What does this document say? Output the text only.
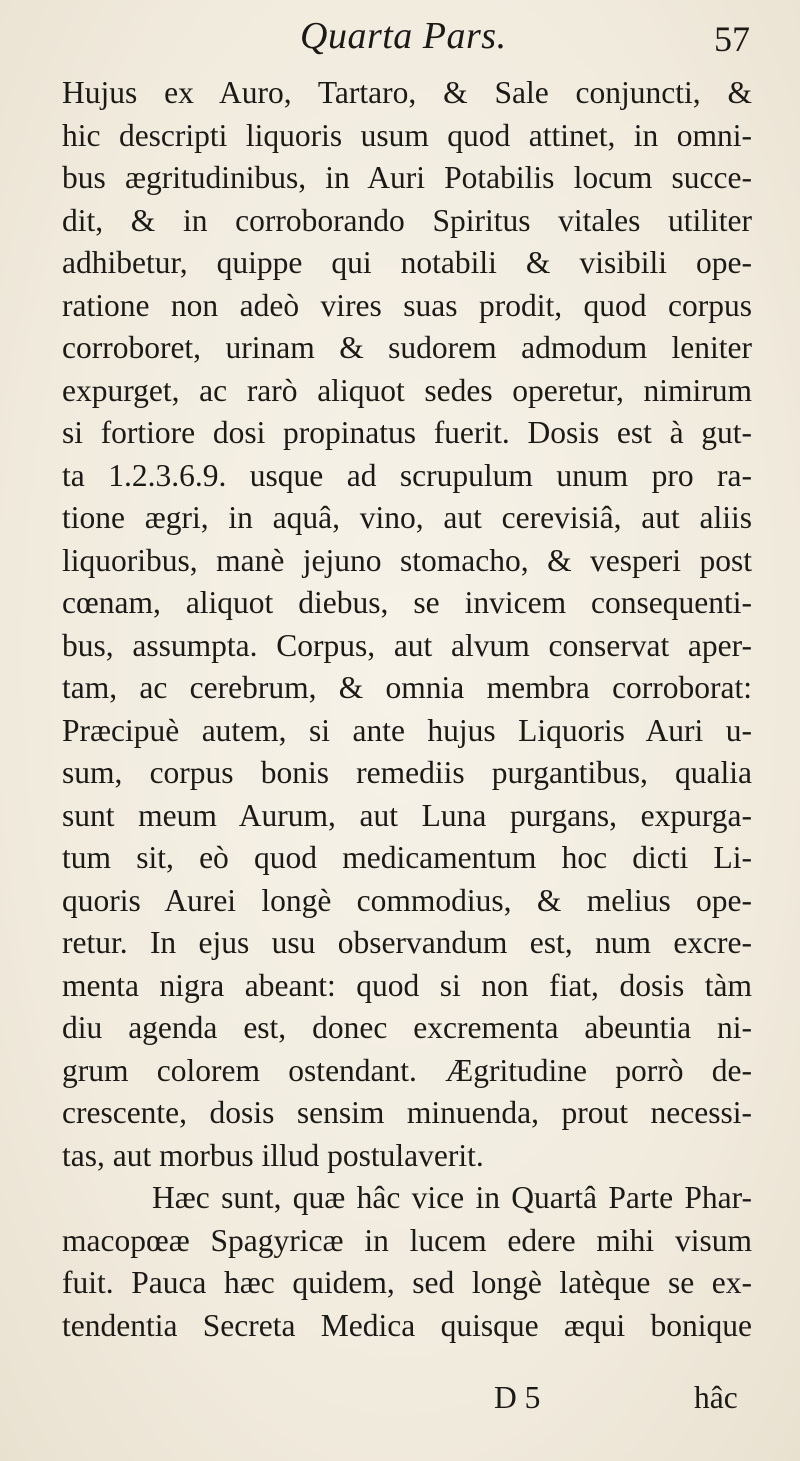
Quarta Pars.	57
Hujus ex Auro, Tartaro, & Sale conjuncti, &
hic descripti liquoris usum quod attinet, in omni-
bus ægritudinibus, in Auri Potabilis locum succe-
dit, & in corroborando Spiritus vitales utiliter
adhibetur, quippe qui notabili & visibili ope-
ratione non adeò vires suas prodit, quod corpus
corroboret, urinam & sudorem admodum leniter
expurget, ac rarò aliquot sedes operetur, nimirum
si fortiore dosi propinatus fuerit. Dosis est à gut-
ta 1.2.3.6.9. usque ad scrupulum unum pro ra-
tione ægri, in aquâ, vino, aut cerevisiâ, aut aliis
liquoribus, manè jejuno stomacho, & vesperi post
cœnam, aliquot diebus, se invicem consequenti-
bus, assumpta. Corpus, aut alvum conservat aper-
tam, ac cerebrum, & omnia membra corroborat:
Præcipuè autem, si ante hujus Liquoris Auri u-
sum, corpus bonis remediis purgantibus, qualia
sunt meum Aurum, aut Luna purgans, expurga-
tum sit, eò quod medicamentum hoc dicti Li-
quoris Aurei longè commodius, & melius ope-
retur. In ejus usu observandum est, num excre-
menta nigra abeant: quod si non fiat, dosis tàm
diu agenda est, donec excrementa abeuntia ni-
grum colorem ostendant. Ægritudine porrò de-
crescente, dosis sensim minuenda, prout necessi-
tas, aut morbus illud postulaverit.
Hæc sunt, quæ hâc vice in Quartâ Parte Phar-
macopœæ Spagyricæ in lucem edere mihi visum
fuit. Pauca hæc quidem, sed longè latèque se ex-
tendentia Secreta Medica quisque æqui bonique
D 5	hâc
